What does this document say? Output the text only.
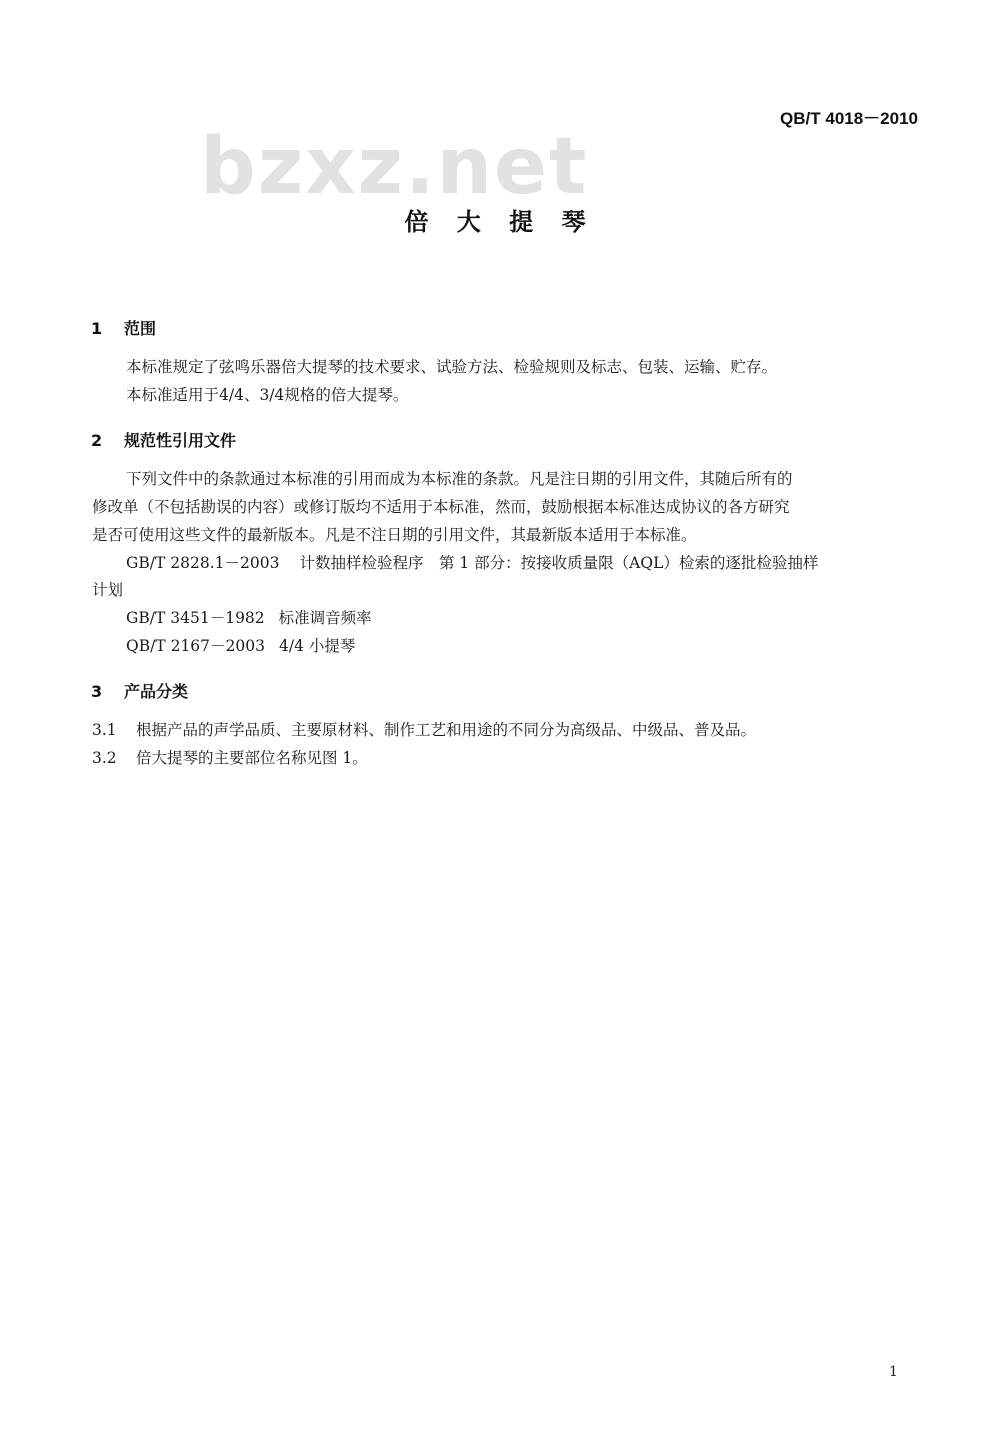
QB/T 4018－2010
bzxz.net
倍 大 提 琴
1 范围
本标准规定了弦鸣乐器倍大提琴的技术要求、试验方法、检验规则及标志、包装、运输、贮存。
本标准适用于4/4、3/4规格的倍大提琴。
2 规范性引用文件
下列文件中的条款通过本标准的引用而成为本标准的条款。凡是注日期的引用文件，其随后所有的
修改单（不包括勘误的内容）或修订版均不适用于本标准，然而，鼓励根据本标准达成协议的各方研究
是否可使用这些文件的最新版本。凡是不注日期的引用文件，其最新版本适用于本标准。
GB/T 2828.1－2003 计数抽样检验程序　第 1 部分：按接收质量限（AQL）检索的逐批检验抽样
计划
GB/T 3451－1982 标准调音频率
QB/T 2167－2003 4/4 小提琴
3 产品分类
3.1 根据产品的声学品质、主要原材料、制作工艺和用途的不同分为高级品、中级品、普及品。
3.2 倍大提琴的主要部位名称见图 1。
1
